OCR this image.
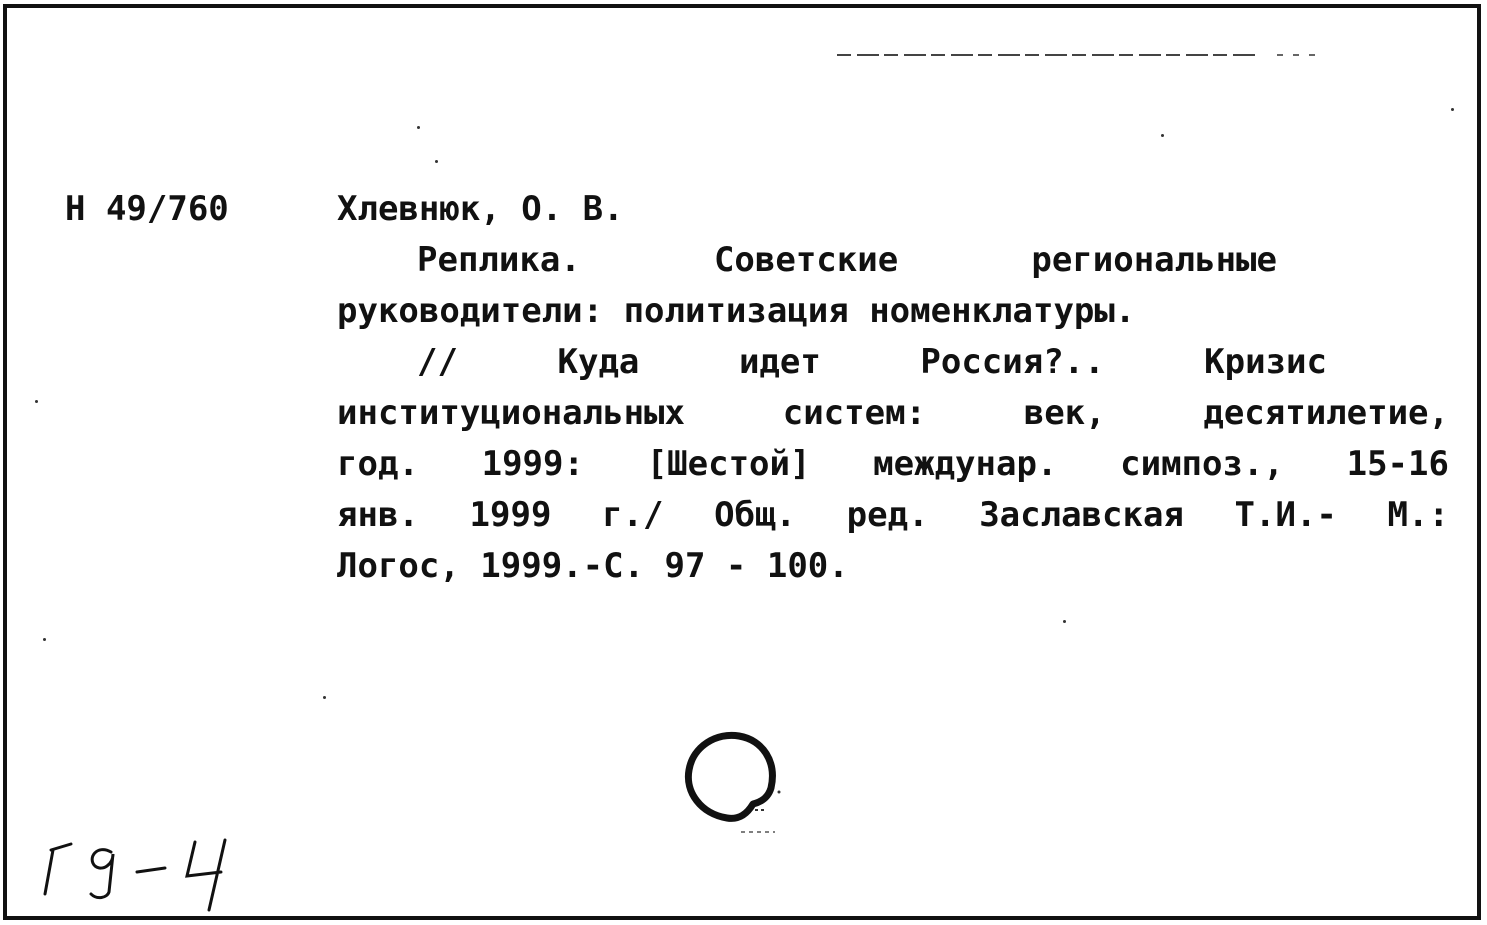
Н 49/760	Хлевнюк, О. В.
Реплика.	Советские	региональные
руководители: политизация номенклатуры.
//	Куда	идет	Россия?..	Кризис
институциональных	систем:	век,	десятилетие,
год. 1999: [Шестой] междунар. симпоз., 15-16
янв. 1999 г./ Общ. ред. Заславская Т.И.- М.:
Логос, 1999.-С. 97 - 100.
